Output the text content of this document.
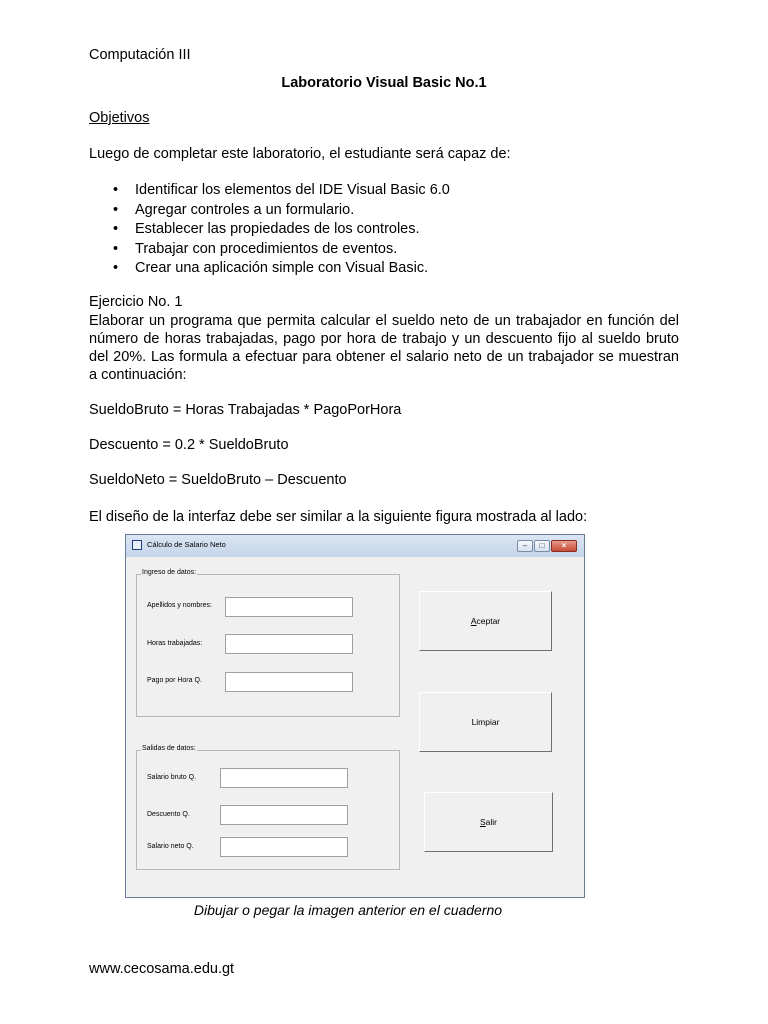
Computación III
Laboratorio Visual Basic No.1
Objetivos
Luego de completar este laboratorio, el estudiante será capaz de:
• Identificar los elementos del IDE Visual Basic 6.0
• Agregar controles a un formulario.
• Establecer las propiedades de los controles.
• Trabajar con procedimientos de eventos.
• Crear una aplicación simple con Visual Basic.
Ejercicio No. 1
Elaborar un programa que permita calcular el sueldo neto de un trabajador en función del número de horas trabajadas, pago por hora de trabajo y un descuento fijo al sueldo bruto del 20%. Las formula a efectuar para obtener el salario neto de un trabajador se muestran a continuación:
SueldoBruto = Horas Trabajadas * PagoPorHora
Descuento = 0.2 * SueldoBruto
SueldoNeto = SueldoBruto – Descuento
El diseño de la interfaz debe ser similar a la siguiente figura mostrada al lado:
Cálculo de Salario Neto	–	□	×
Ingreso de datos:
Apellidos y nombres:
Horas trabajadas:
Pago por Hora Q.
Salidas de datos:
Salario bruto Q.
Descuento Q.
Salario neto Q.
A ceptar
Limpiar
S alir
Dibujar o pegar la imagen anterior en el cuaderno
www.cecosama.edu.gt
